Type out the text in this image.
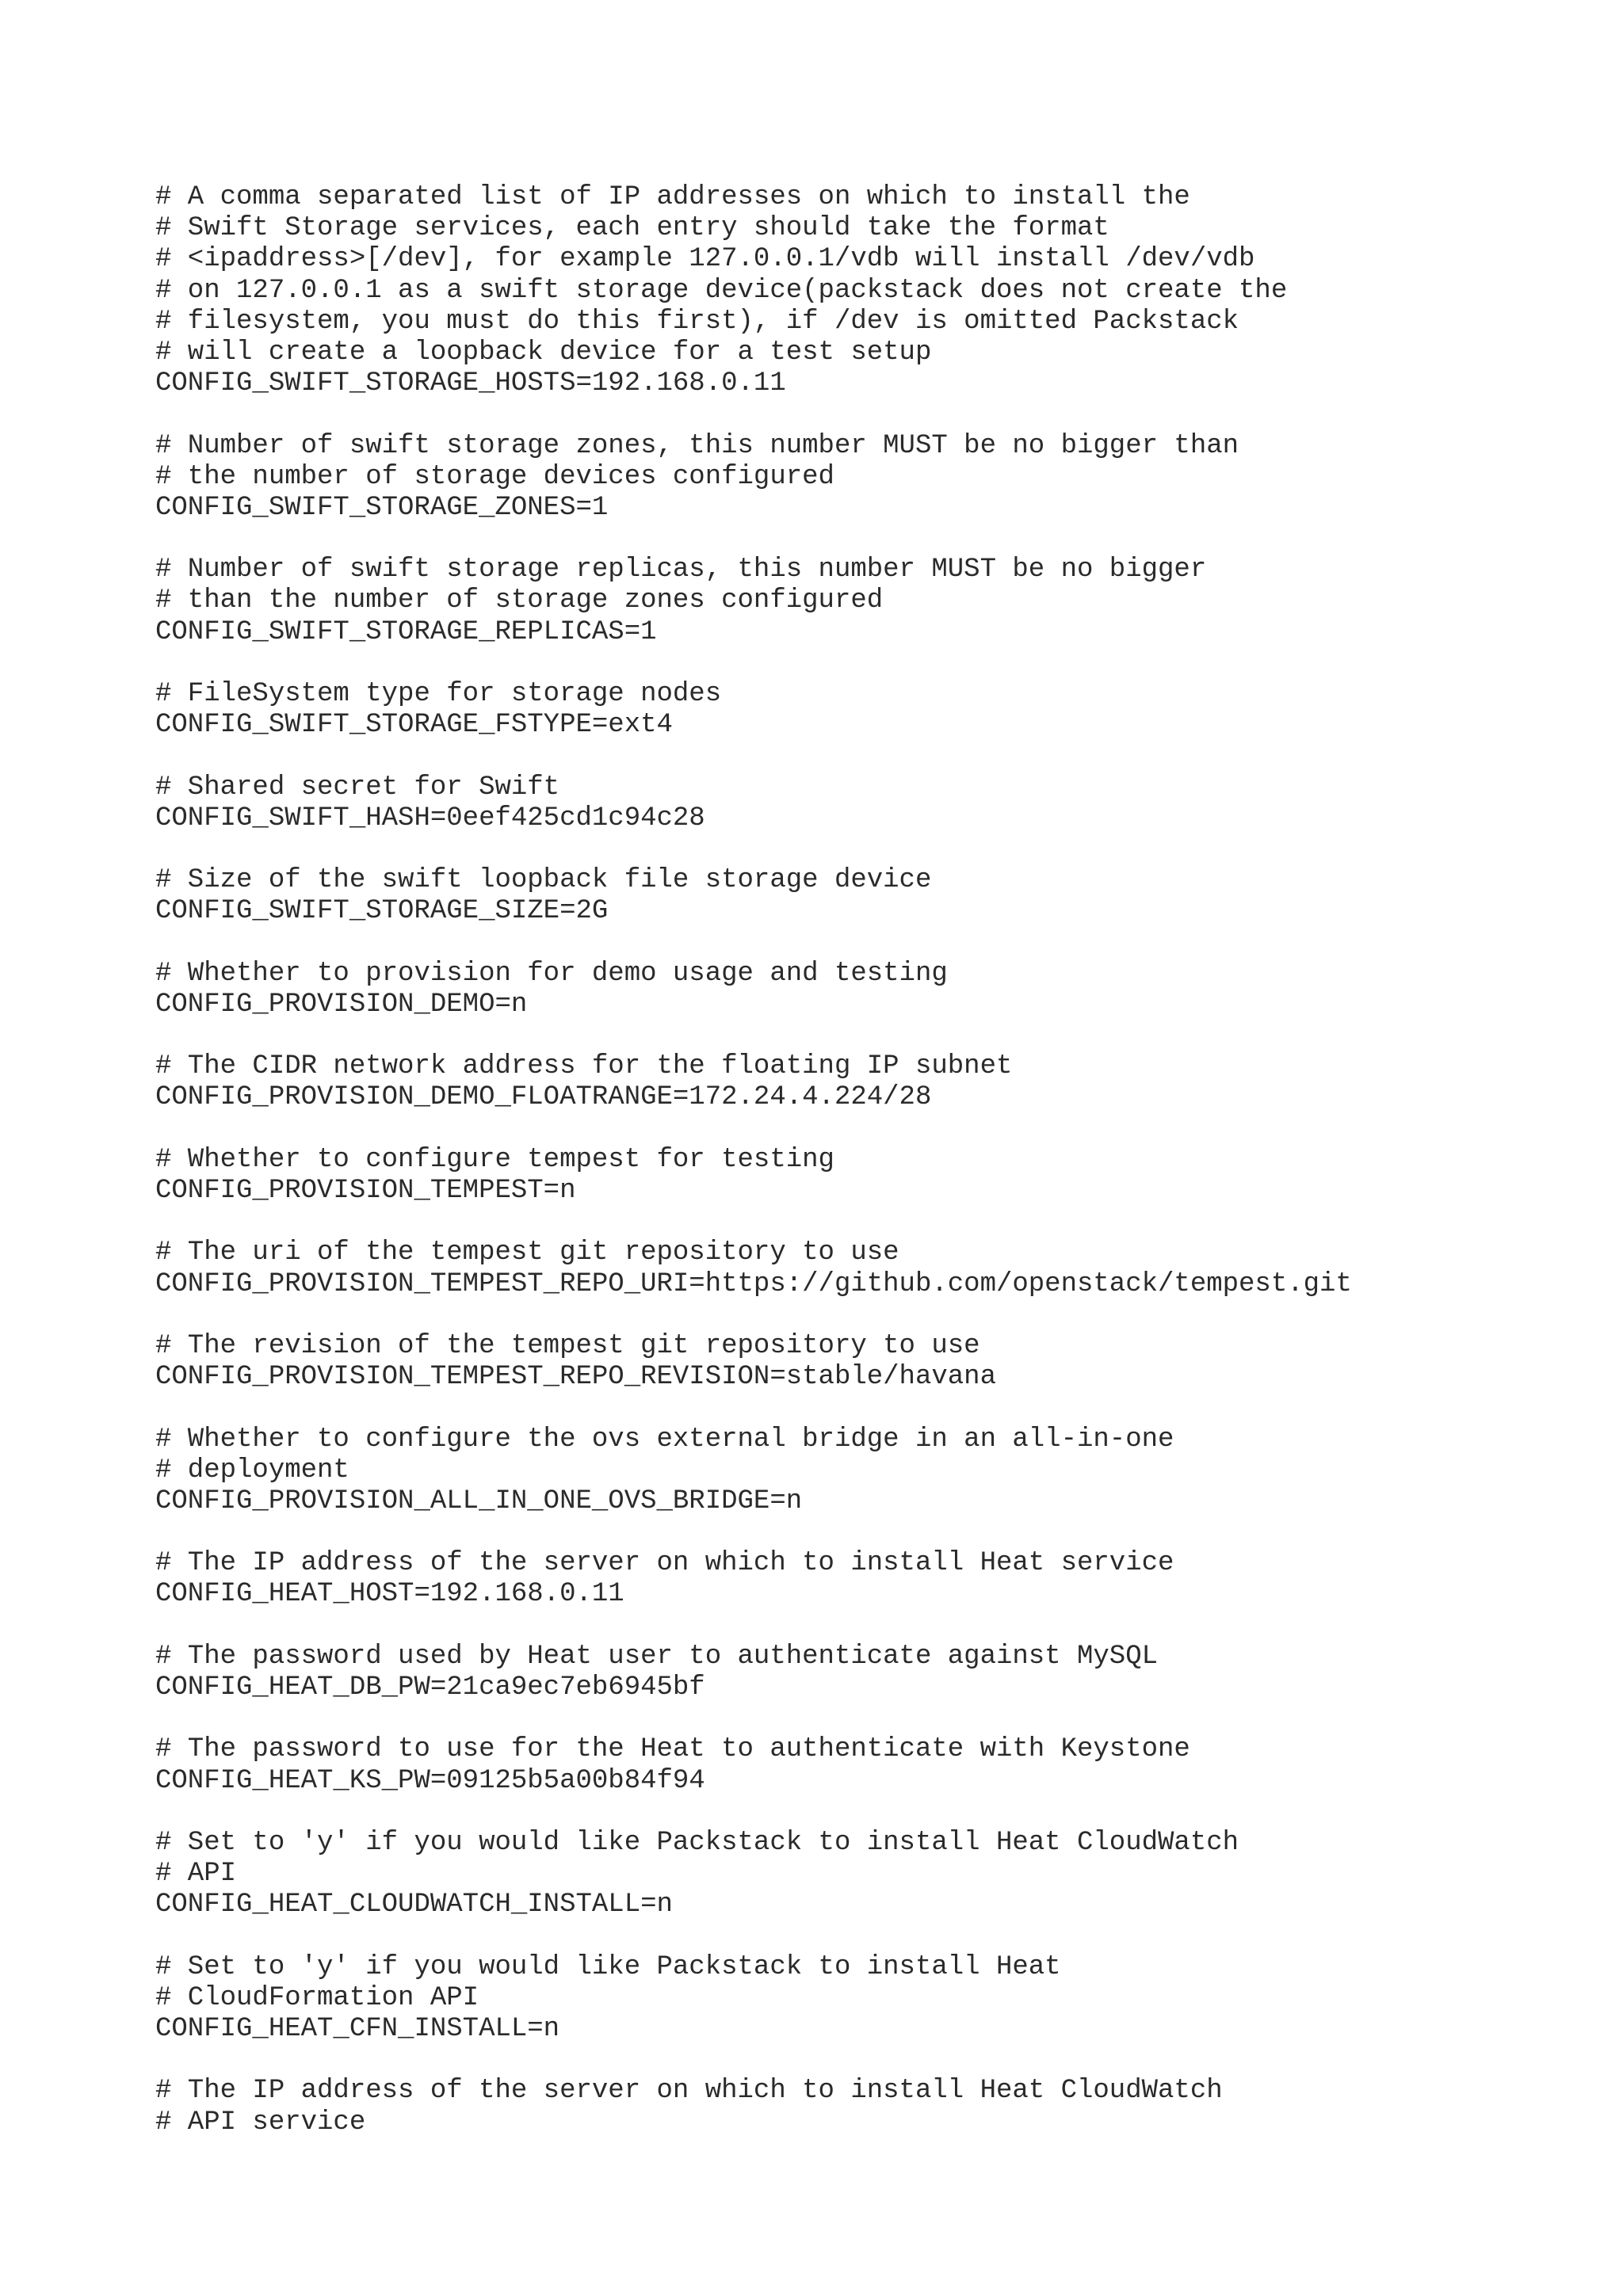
# A comma separated list of IP addresses on which to install the
# Swift Storage services, each entry should take the format
# <ipaddress>[/dev], for example 127.0.0.1/vdb will install /dev/vdb
# on 127.0.0.1 as a swift storage device(packstack does not create the
# filesystem, you must do this first), if /dev is omitted Packstack
# will create a loopback device for a test setup
CONFIG_SWIFT_STORAGE_HOSTS=192.168.0.11
# Number of swift storage zones, this number MUST be no bigger than
# the number of storage devices configured
CONFIG_SWIFT_STORAGE_ZONES=1
# Number of swift storage replicas, this number MUST be no bigger
# than the number of storage zones configured
CONFIG_SWIFT_STORAGE_REPLICAS=1
# FileSystem type for storage nodes
CONFIG_SWIFT_STORAGE_FSTYPE=ext4
# Shared secret for Swift
CONFIG_SWIFT_HASH=0eef425cd1c94c28
# Size of the swift loopback file storage device
CONFIG_SWIFT_STORAGE_SIZE=2G
# Whether to provision for demo usage and testing
CONFIG_PROVISION_DEMO=n
# The CIDR network address for the floating IP subnet
CONFIG_PROVISION_DEMO_FLOATRANGE=172.24.4.224/28
# Whether to configure tempest for testing
CONFIG_PROVISION_TEMPEST=n
# The uri of the tempest git repository to use
CONFIG_PROVISION_TEMPEST_REPO_URI=https://github.com/openstack/tempest.git
# The revision of the tempest git repository to use
CONFIG_PROVISION_TEMPEST_REPO_REVISION=stable/havana
# Whether to configure the ovs external bridge in an all-in-one
# deployment
CONFIG_PROVISION_ALL_IN_ONE_OVS_BRIDGE=n
# The IP address of the server on which to install Heat service
CONFIG_HEAT_HOST=192.168.0.11
# The password used by Heat user to authenticate against MySQL
CONFIG_HEAT_DB_PW=21ca9ec7eb6945bf
# The password to use for the Heat to authenticate with Keystone
CONFIG_HEAT_KS_PW=09125b5a00b84f94
# Set to 'y' if you would like Packstack to install Heat CloudWatch
# API
CONFIG_HEAT_CLOUDWATCH_INSTALL=n
# Set to 'y' if you would like Packstack to install Heat
# CloudFormation API
CONFIG_HEAT_CFN_INSTALL=n
# The IP address of the server on which to install Heat CloudWatch
# API service
